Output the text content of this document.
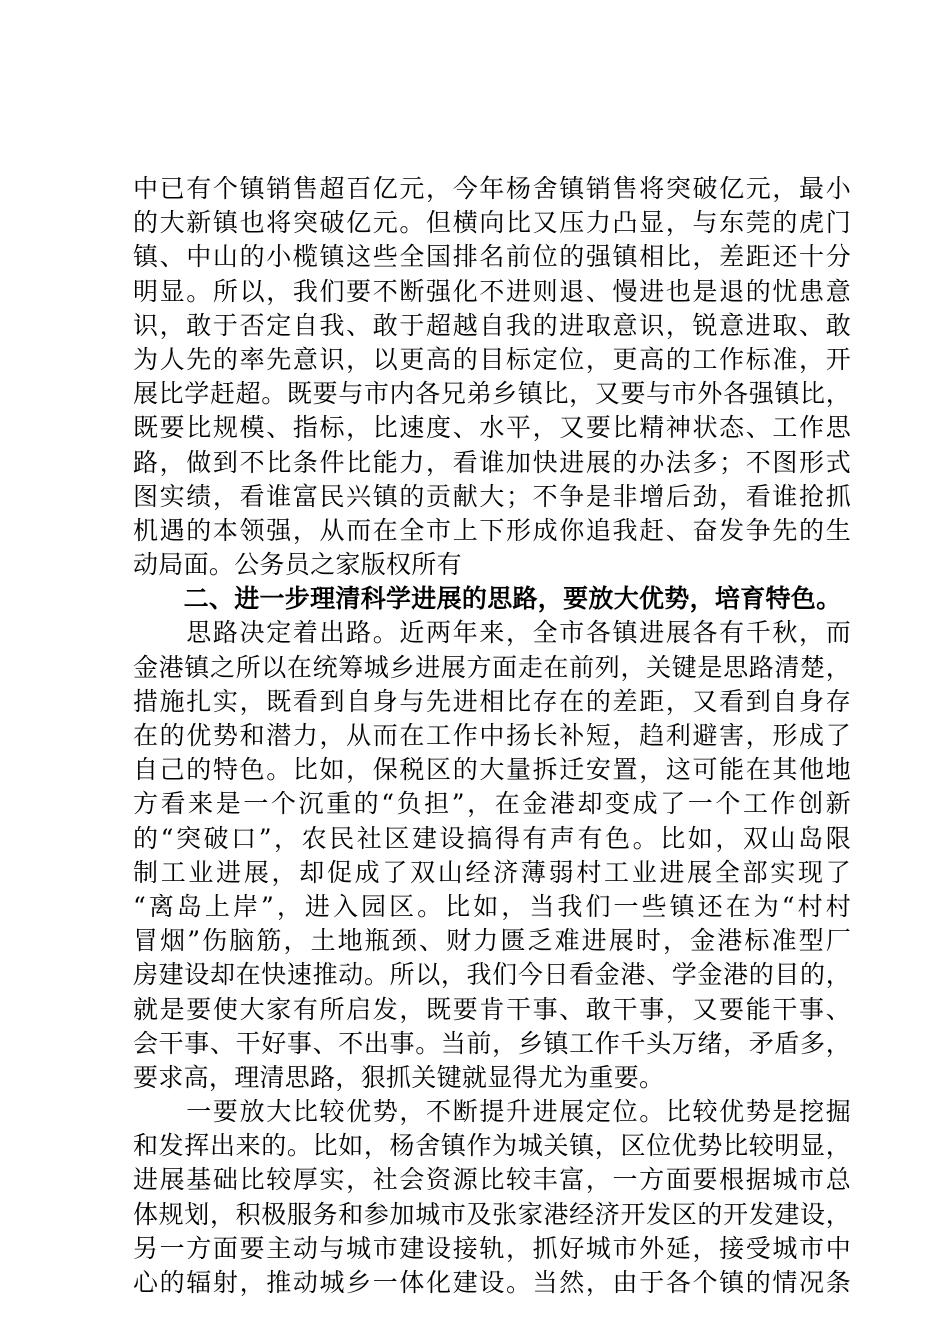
中已有个镇销售超百亿元，今年杨舍镇销售将突破亿元，最小
的大新镇也将突破亿元。但横向比又压力凸显，与东莞的虎门
镇、中山的小榄镇这些全国排名前位的强镇相比，差距还十分
明显。所以，我们要不断强化不进则退、慢进也是退的忧患意
识，敢于否定自我、敢于超越自我的进取意识，锐意进取、敢
为人先的率先意识，以更高的目标定位，更高的工作标准，开
展比学赶超。既要与市内各兄弟乡镇比，又要与市外各强镇比，
既要比规模、指标，比速度、水平，又要比精神状态、工作思
路，做到不比条件比能力，看谁加快进展的办法多；不图形式
图实绩，看谁富民兴镇的贡献大；不争是非增后劲，看谁抢抓
机遇的本领强，从而在全市上下形成你追我赶、奋发争先的生
动局面。公务员之家版权所有
　　二、进一步理清科学进展的思路，要放大优势，培育特色。
　　思路决定着出路。近两年来，全市各镇进展各有千秋，而
金港镇之所以在统筹城乡进展方面走在前列，关键是思路清楚，
措施扎实，既看到自身与先进相比存在的差距，又看到自身存
在的优势和潜力，从而在工作中扬长补短，趋利避害，形成了
自己的特色。比如，保税区的大量拆迁安置，这可能在其他地
方看来是一个沉重的“负担”，在金港却变成了一个工作创新
的“突破口”，农民社区建设搞得有声有色。比如，双山岛限
制工业进展，却促成了双山经济薄弱村工业进展全部实现了
“离岛上岸”，进入园区。比如，当我们一些镇还在为“村村
冒烟”伤脑筋，土地瓶颈、财力匮乏难进展时，金港标准型厂
房建设却在快速推动。所以，我们今日看金港、学金港的目的，
就是要使大家有所启发，既要肯干事、敢干事，又要能干事、
会干事、干好事、不出事。当前，乡镇工作千头万绪，矛盾多，
要求高，理清思路，狠抓关键就显得尤为重要。
　　一要放大比较优势，不断提升进展定位。比较优势是挖掘
和发挥出来的。比如，杨舍镇作为城关镇，区位优势比较明显，
进展基础比较厚实，社会资源比较丰富，一方面要根据城市总
体规划，积极服务和参加城市及张家港经济开发区的开发建设，
另一方面要主动与城市建设接轨，抓好城市外延，接受城市中
心的辐射，推动城乡一体化建设。当然，由于各个镇的情况条
